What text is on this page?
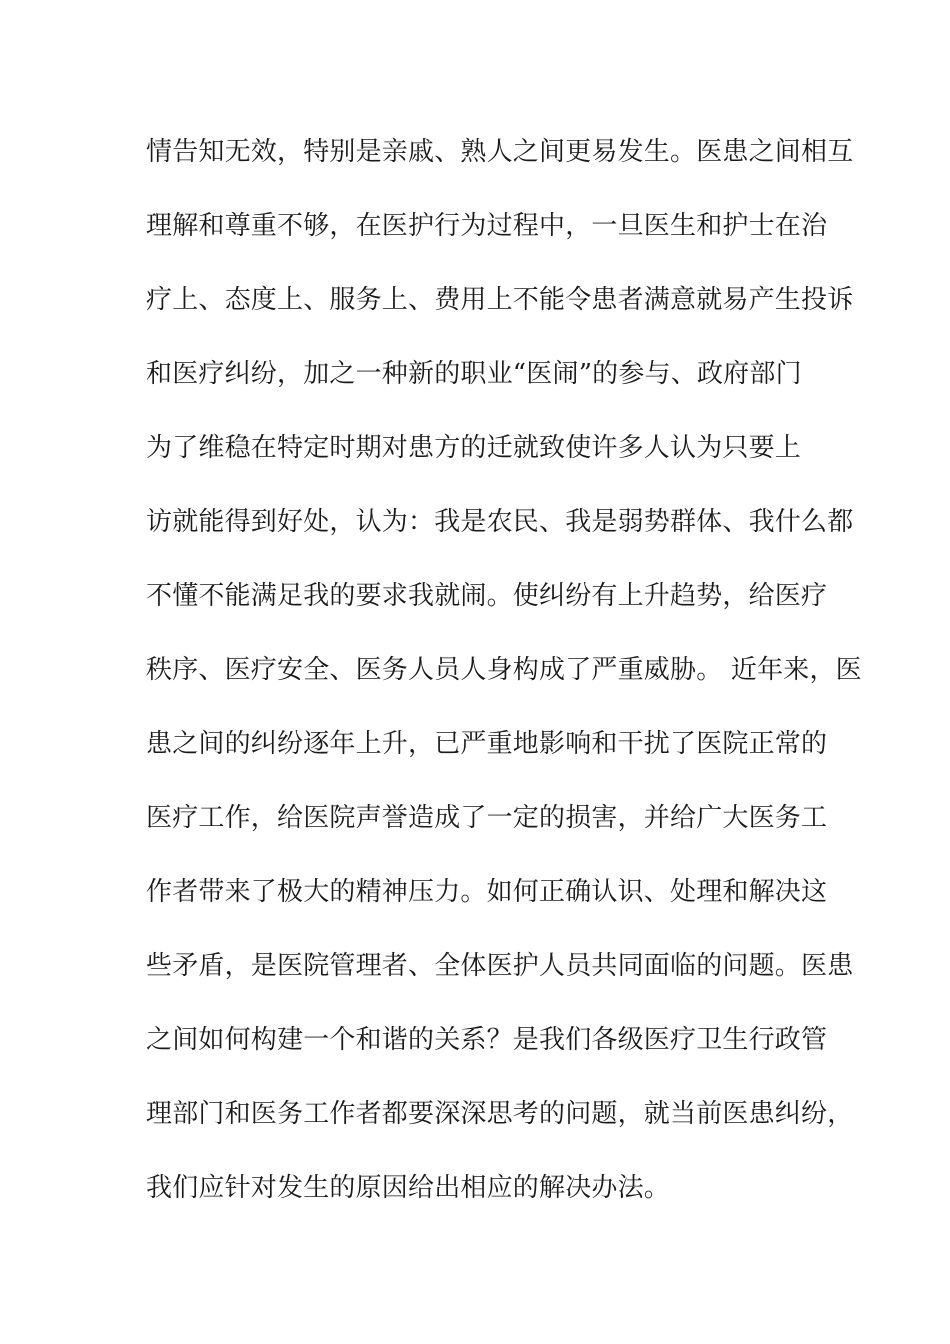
情告知无效，特别是亲戚、熟人之间更易发生。医患之间相互
理解和尊重不够，在医护行为过程中，一旦医生和护士在治
疗上、态度上、服务上、费用上不能令患者满意就易产生投诉
和医疗纠纷，加之一种新的职业“医闹”的参与、政府部门
为了维稳在特定时期对患方的迁就致使许多人认为只要上
访就能得到好处，认为：我是农民、我是弱势群体、我什么都
不懂不能满足我的要求我就闹。使纠纷有上升趋势，给医疗
秩序、医疗安全、医务人员人身构成了严重威胁。 近年来，医
患之间的纠纷逐年上升，已严重地影响和干扰了医院正常的
医疗工作，给医院声誉造成了一定的损害，并给广大医务工
作者带来了极大的精神压力。如何正确认识、处理和解决这
些矛盾，是医院管理者、全体医护人员共同面临的问题。医患
之间如何构建一个和谐的关系？是我们各级医疗卫生行政管
理部门和医务工作者都要深深思考的问题，就当前医患纠纷，
我们应针对发生的原因给出相应的解决办法。
